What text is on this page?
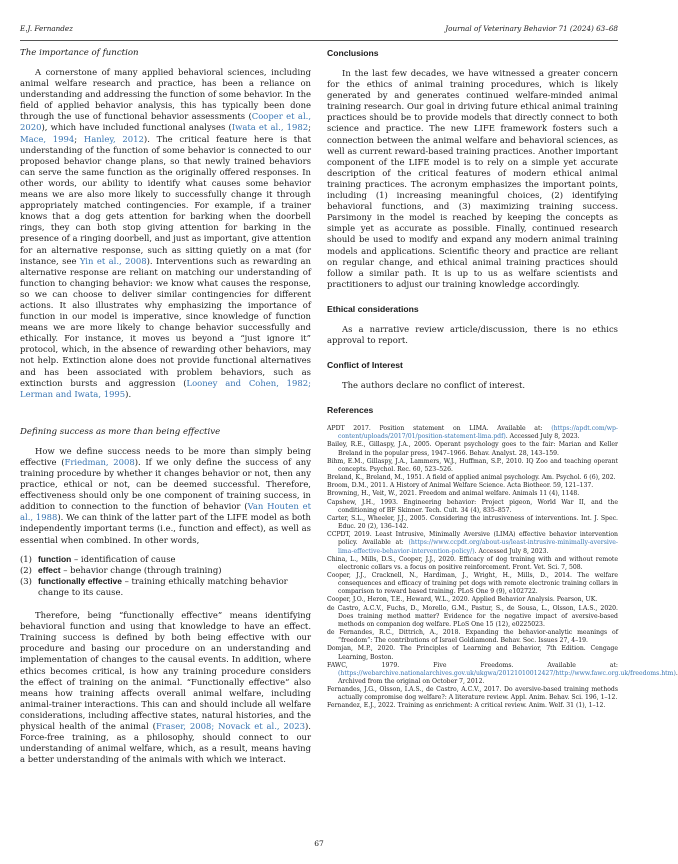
E.J. Fernandez	Journal of Veterinary Behavior 71 (2024) 63–68
The importance of function

A cornerstone of many applied behavioral sciences, including animal welfare research and practice, has been a reliance on understanding and addressing the function of some behavior. In the field of applied behavior analysis, this has typically been done through the use of functional behavior assessments (Cooper et al., 2020), which have included functional analyses (Iwata et al., 1982; Mace, 1994; Hanley, 2012). The critical feature here is that understanding of the function of some behavior is connected to our proposed behavior change plans, so that newly trained behaviors can serve the same function as the originally offered responses. In other words, our ability to identify what causes some behavior means we are also more likely to successfully change it through appropriately matched contingencies. For example, if a trainer knows that a dog gets attention for barking when the doorbell rings, they can both stop giving attention for barking in the presence of a ringing doorbell, and just as important, give attention for an alternative response, such as sitting quietly on a mat (for instance, see Yin et al., 2008). Interventions such as rewarding an alternative response are reliant on matching our understanding of function to changing behavior: we know what causes the response, so we can choose to deliver similar contingencies for different actions. It also illustrates why emphasizing the importance of function in our model is imperative, since knowledge of function means we are more likely to change behavior successfully and ethically. For instance, it moves us beyond a “just ignore it” protocol, which, in the absence of rewarding other behaviors, may not help. Extinction alone does not provide functional alternatives and has been associated with problem behaviors, such as extinction bursts and aggression (Looney and Cohen, 1982; Lerman and Iwata, 1995).

Defining success as more than being effective

How we define success needs to be more than simply being effective (Friedman, 2008). If we only define the success of any training procedure by whether it changes behavior or not, then any practice, ethical or not, can be deemed successful. Therefore, effectiveness should only be one component of training success, in addition to connection to the function of behavior (Van Houten et al., 1988). We can think of the latter part of the LIFE model as both independently important terms (i.e., function and effect), as well as essential when combined. In other words,

(1) function – identification of cause
(2) effect – behavior change (through training)
(3) functionally effective – training ethically matching behavior change to its cause.

Therefore, being “functionally effective” means identifying behavioral function and using that knowledge to have an effect. Training success is defined by both being effective with our procedure and basing our procedure on an understanding and implementation of changes to the causal events. In addition, where ethics becomes critical, is how any training procedure considers the effect of training on the animal. “Functionally effective” also means how training affects overall animal welfare, including animal-trainer interactions. This can and should include all welfare considerations, including affective states, natural histories, and the physical health of the animal (Fraser, 2008; Novack et al., 2023). Force-free training, as a philosophy, should connect to our understanding of animal welfare, which, as a result, means having a better understanding of the animals with which we interact.

Conclusions

In the last few decades, we have witnessed a greater concern for the ethics of animal training procedures, which is likely generated by and generates continued welfare-minded animal training research. Our goal in driving future ethical animal training practices should be to provide models that directly connect to both science and practice. The new LIFE framework fosters such a connection between the animal welfare and behavioral sciences, as well as current reward-based training practices. Another important component of the LIFE model is to rely on a simple yet accurate description of the critical features of modern ethical animal training practices. The acronym emphasizes the important points, including (1) increasing meaningful choices, (2) identifying behavioral functions, and (3) maximizing training success. Parsimony in the model is reached by keeping the concepts as simple yet as accurate as possible. Finally, continued research should be used to modify and expand any modern animal training models and applications. Scientific theory and practice are reliant on regular change, and ethical animal training practices should follow a similar path. It is up to us as welfare scientists and practitioners to adjust our training knowledge accordingly.

Ethical considerations

As a narrative review article/discussion, there is no ethics approval to report.

Conflict of Interest

The authors declare no conflict of interest.

References
APDT 2017. Position statement on LIMA. Available at: (https://apdt.com/wp-content/uploads/2017/01/position-statement-lima.pdf). Accessed July 8, 2023.
Bailey, R.E., Gillaspy, J.A., 2005. Operant psychology goes to the fair: Marian and Keller Breland in the popular press, 1947–1966. Behav. Analyst. 28, 143–159.
Bihm, E.M., Gillaspy, J.A., Lammers, W.J., Huffman, S.P., 2010. IQ Zoo and teaching operant concepts. Psychol. Rec. 60, 523–526.
Breland, K., Breland, M., 1951. A field of applied animal psychology. Am. Psychol. 6 (6), 202.
Broom, D.M., 2011. A History of Animal Welfare Science. Acta Biotheor. 59, 121–137.
Browning, H., Veit, W., 2021. Freedom and animal welfare. Animals 11 (4), 1148.
Capshew, J.H., 1993. Engineering behavior: Project pigeon, World War II, and the conditioning of BF Skinner. Tech. Cult. 34 (4), 835–857.
Carter, S.L., Wheeler, J.J., 2005. Considering the intrusiveness of interventions. Int. J. Spec. Educ. 20 (2), 136–142.
CCPDT, 2019. Least Intrusive, Minimally Aversive (LIMA) effective behavior intervention policy. Available at: (https://www.ccpdt.org/about-us/least-intrusive-minimally-aversive-lima-effective-behavior-intervention-policy/). Accessed July 8, 2023.
China, L., Mills, D.S., Cooper, J.J., 2020. Efficacy of dog training with and without remote electronic collars vs. a focus on positive reinforcement. Front. Vet. Sci. 7, 508.
Cooper, J.J., Cracknell, N., Hardiman, J., Wright, H., Mills, D., 2014. The welfare consequences and efficacy of training pet dogs with remote electronic training collars in comparison to reward based training. PLoS One 9 (9), e102722.
Cooper, J.O., Heron, T.E., Heward, W.L., 2020. Applied Behavior Analysis. Pearson, UK.
de Castro, A.C.V., Fuchs, D., Morello, G.M., Pastur, S., de Sousa, L., Olsson, I.A.S., 2020. Does training method matter? Evidence for the negative impact of aversive-based methods on companion dog welfare. PLoS One 15 (12), e0225023.
de Fernandes, R.C., Dittrich, A., 2018. Expanding the behavior-analytic meanings of “freedom”: The contributions of Israel Goldiamond. Behav. Soc. Issues 27, 4–19.
Domjan, M.P., 2020. The Principles of Learning and Behavior, 7th Edition. Cengage Learning, Boston.
FAWC, 1979. Five Freedoms. Available at: (https://webarchive.nationalarchives.gov.uk/ukgwa/20121010012427/http://www.fawc.org.uk/freedoms.htm). Archived from the original on October 7, 2012.
Fernandes, J.G., Olsson, I.A.S., de Castro, A.C.V., 2017. Do aversive-based training methods actually compromise dog welfare?: A literature review. Appl. Anim. Behav. Sci. 196, 1–12.
Fernandez, E.J., 2022. Training as enrichment: A critical review. Anim. Welf. 31 (1), 1–12.
67
